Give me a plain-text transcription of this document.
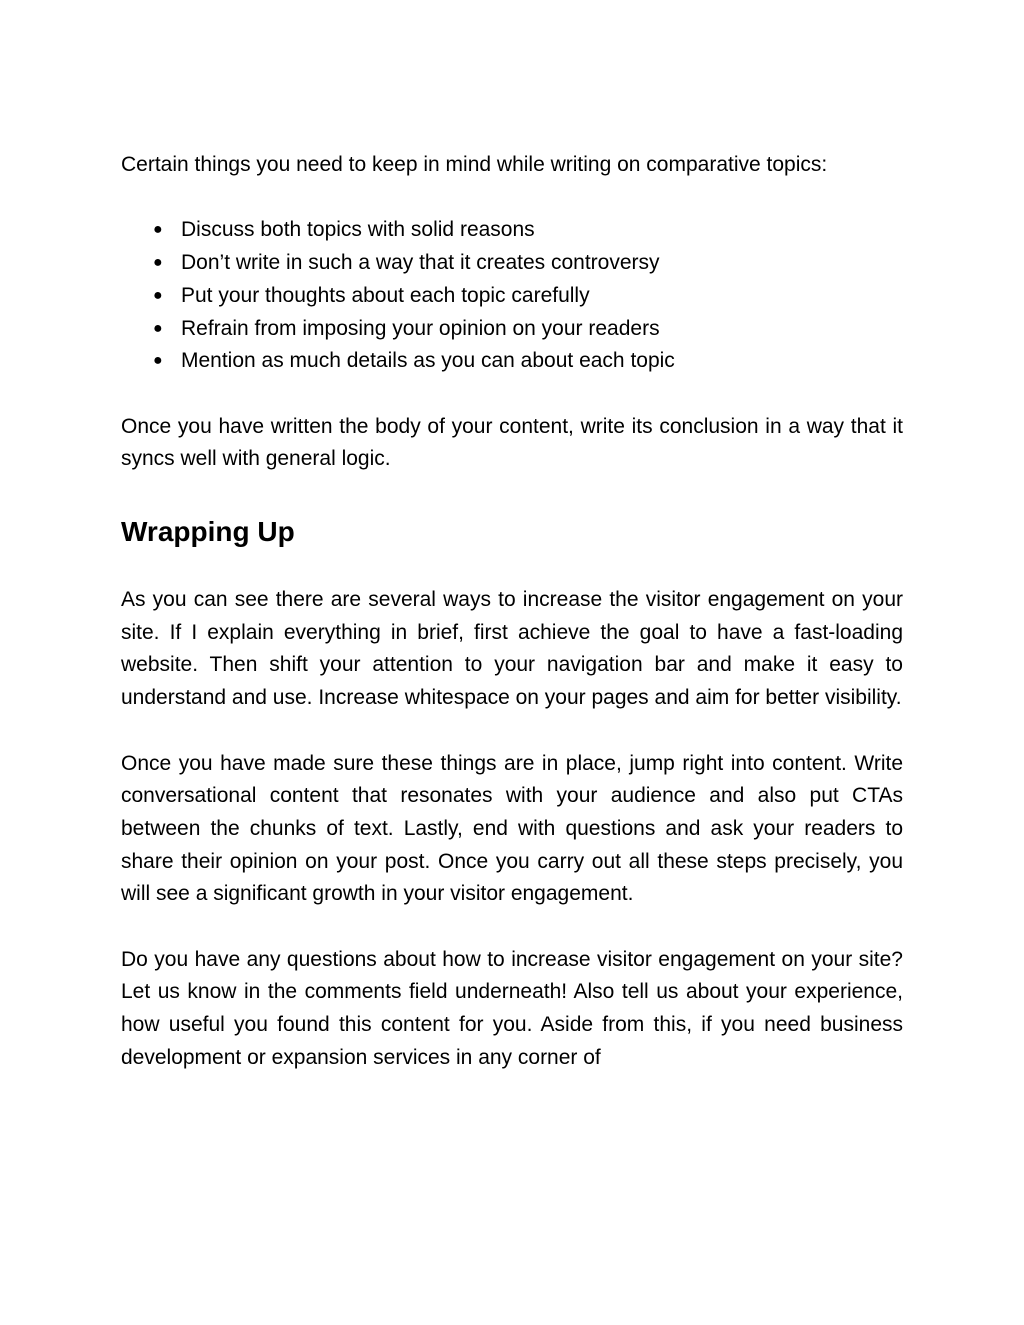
Certain things you need to keep in mind while writing on comparative topics:

● Discuss both topics with solid reasons
● Don’t write in such a way that it creates controversy
● Put your thoughts about each topic carefully
● Refrain from imposing your opinion on your readers
● Mention as much details as you can about each topic

Once you have written the body of your content, write its conclusion in a way that it syncs well with general logic.

Wrapping Up

As you can see there are several ways to increase the visitor engagement on your site. If I explain everything in brief, first achieve the goal to have a fast-loading website. Then shift your attention to your navigation bar and make it easy to understand and use. Increase whitespace on your pages and aim for better visibility.

Once you have made sure these things are in place, jump right into content. Write conversational content that resonates with your audience and also put CTAs between the chunks of text. Lastly, end with questions and ask your readers to share their opinion on your post. Once you carry out all these steps precisely, you will see a significant growth in your visitor engagement.

Do you have any questions about how to increase visitor engagement on your site? Let us know in the comments field underneath! Also tell us about your experience, how useful you found this content for you. Aside from this, if you need business development or expansion services in any corner of
